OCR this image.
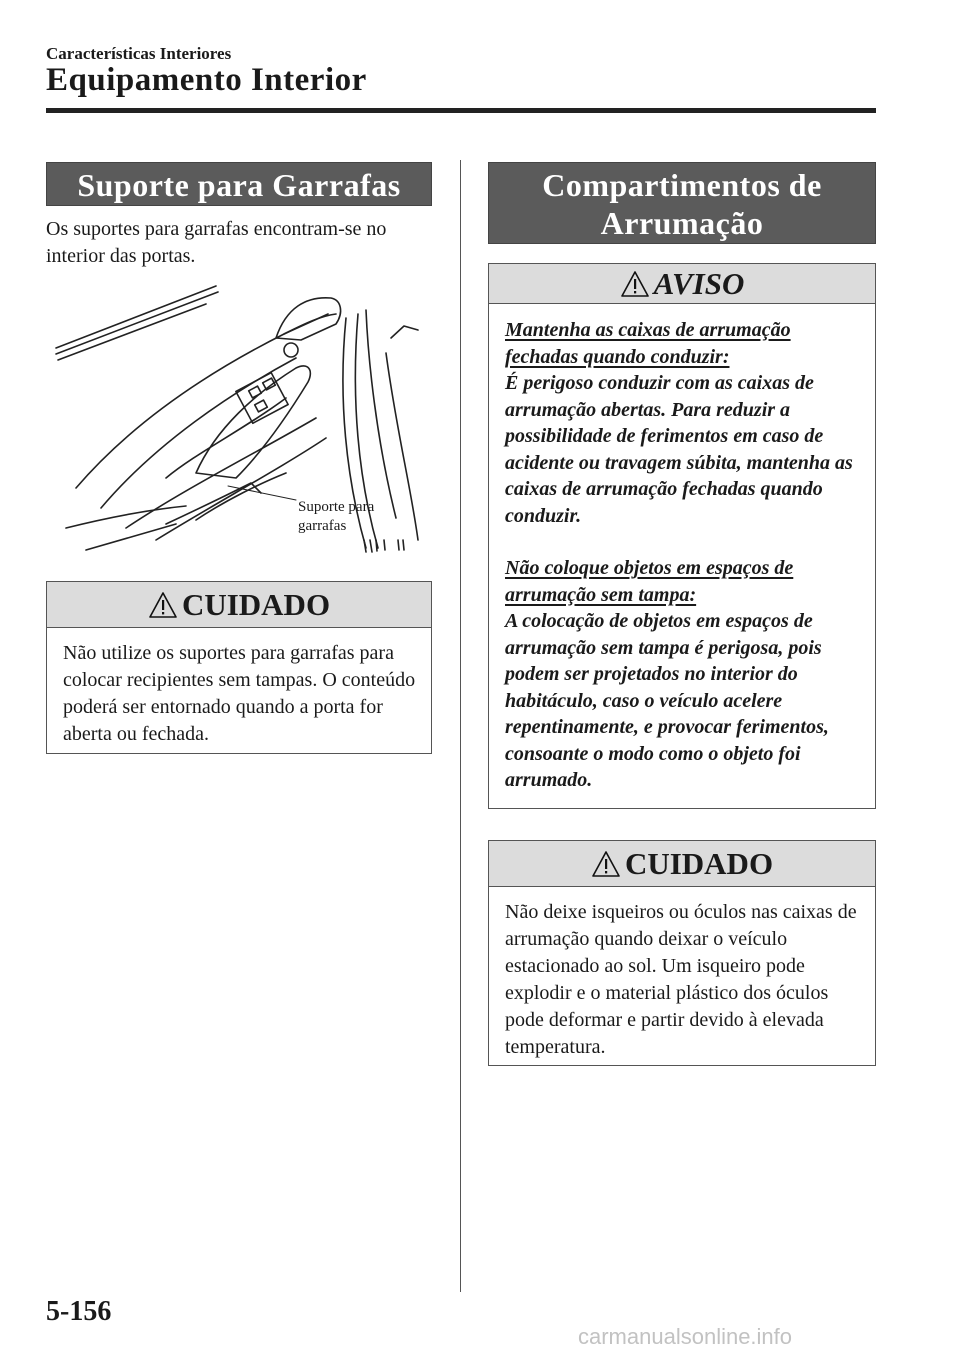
Características Interiores
Equipamento Interior
Suporte para Garrafas
Os suportes para garrafas encontram-se no interior das portas.
Suporte para
garrafas
CUIDADO
Não utilize os suportes para garrafas para colocar recipientes sem tampas. O conteúdo poderá ser entornado quando a porta for aberta ou fechada.
Compartimentos de
Arrumação
AVISO
Mantenha as caixas de arrumação fechadas quando conduzir:
É perigoso conduzir com as caixas de arrumação abertas. Para reduzir a possibilidade de ferimentos em caso de acidente ou travagem súbita, mantenha as caixas de arrumação fechadas quando conduzir.
Não coloque objetos em espaços de arrumação sem tampa:
A colocação de objetos em espaços de arrumação sem tampa é perigosa, pois podem ser projetados no interior do habitáculo, caso o veículo acelere repentinamente, e provocar ferimentos, consoante o modo como o objeto foi arrumado.
CUIDADO
Não deixe isqueiros ou óculos nas caixas de arrumação quando deixar o veículo estacionado ao sol. Um isqueiro pode explodir e o material plástico dos óculos pode deformar e partir devido à elevada temperatura.
5-156
carmanualsonline.info
